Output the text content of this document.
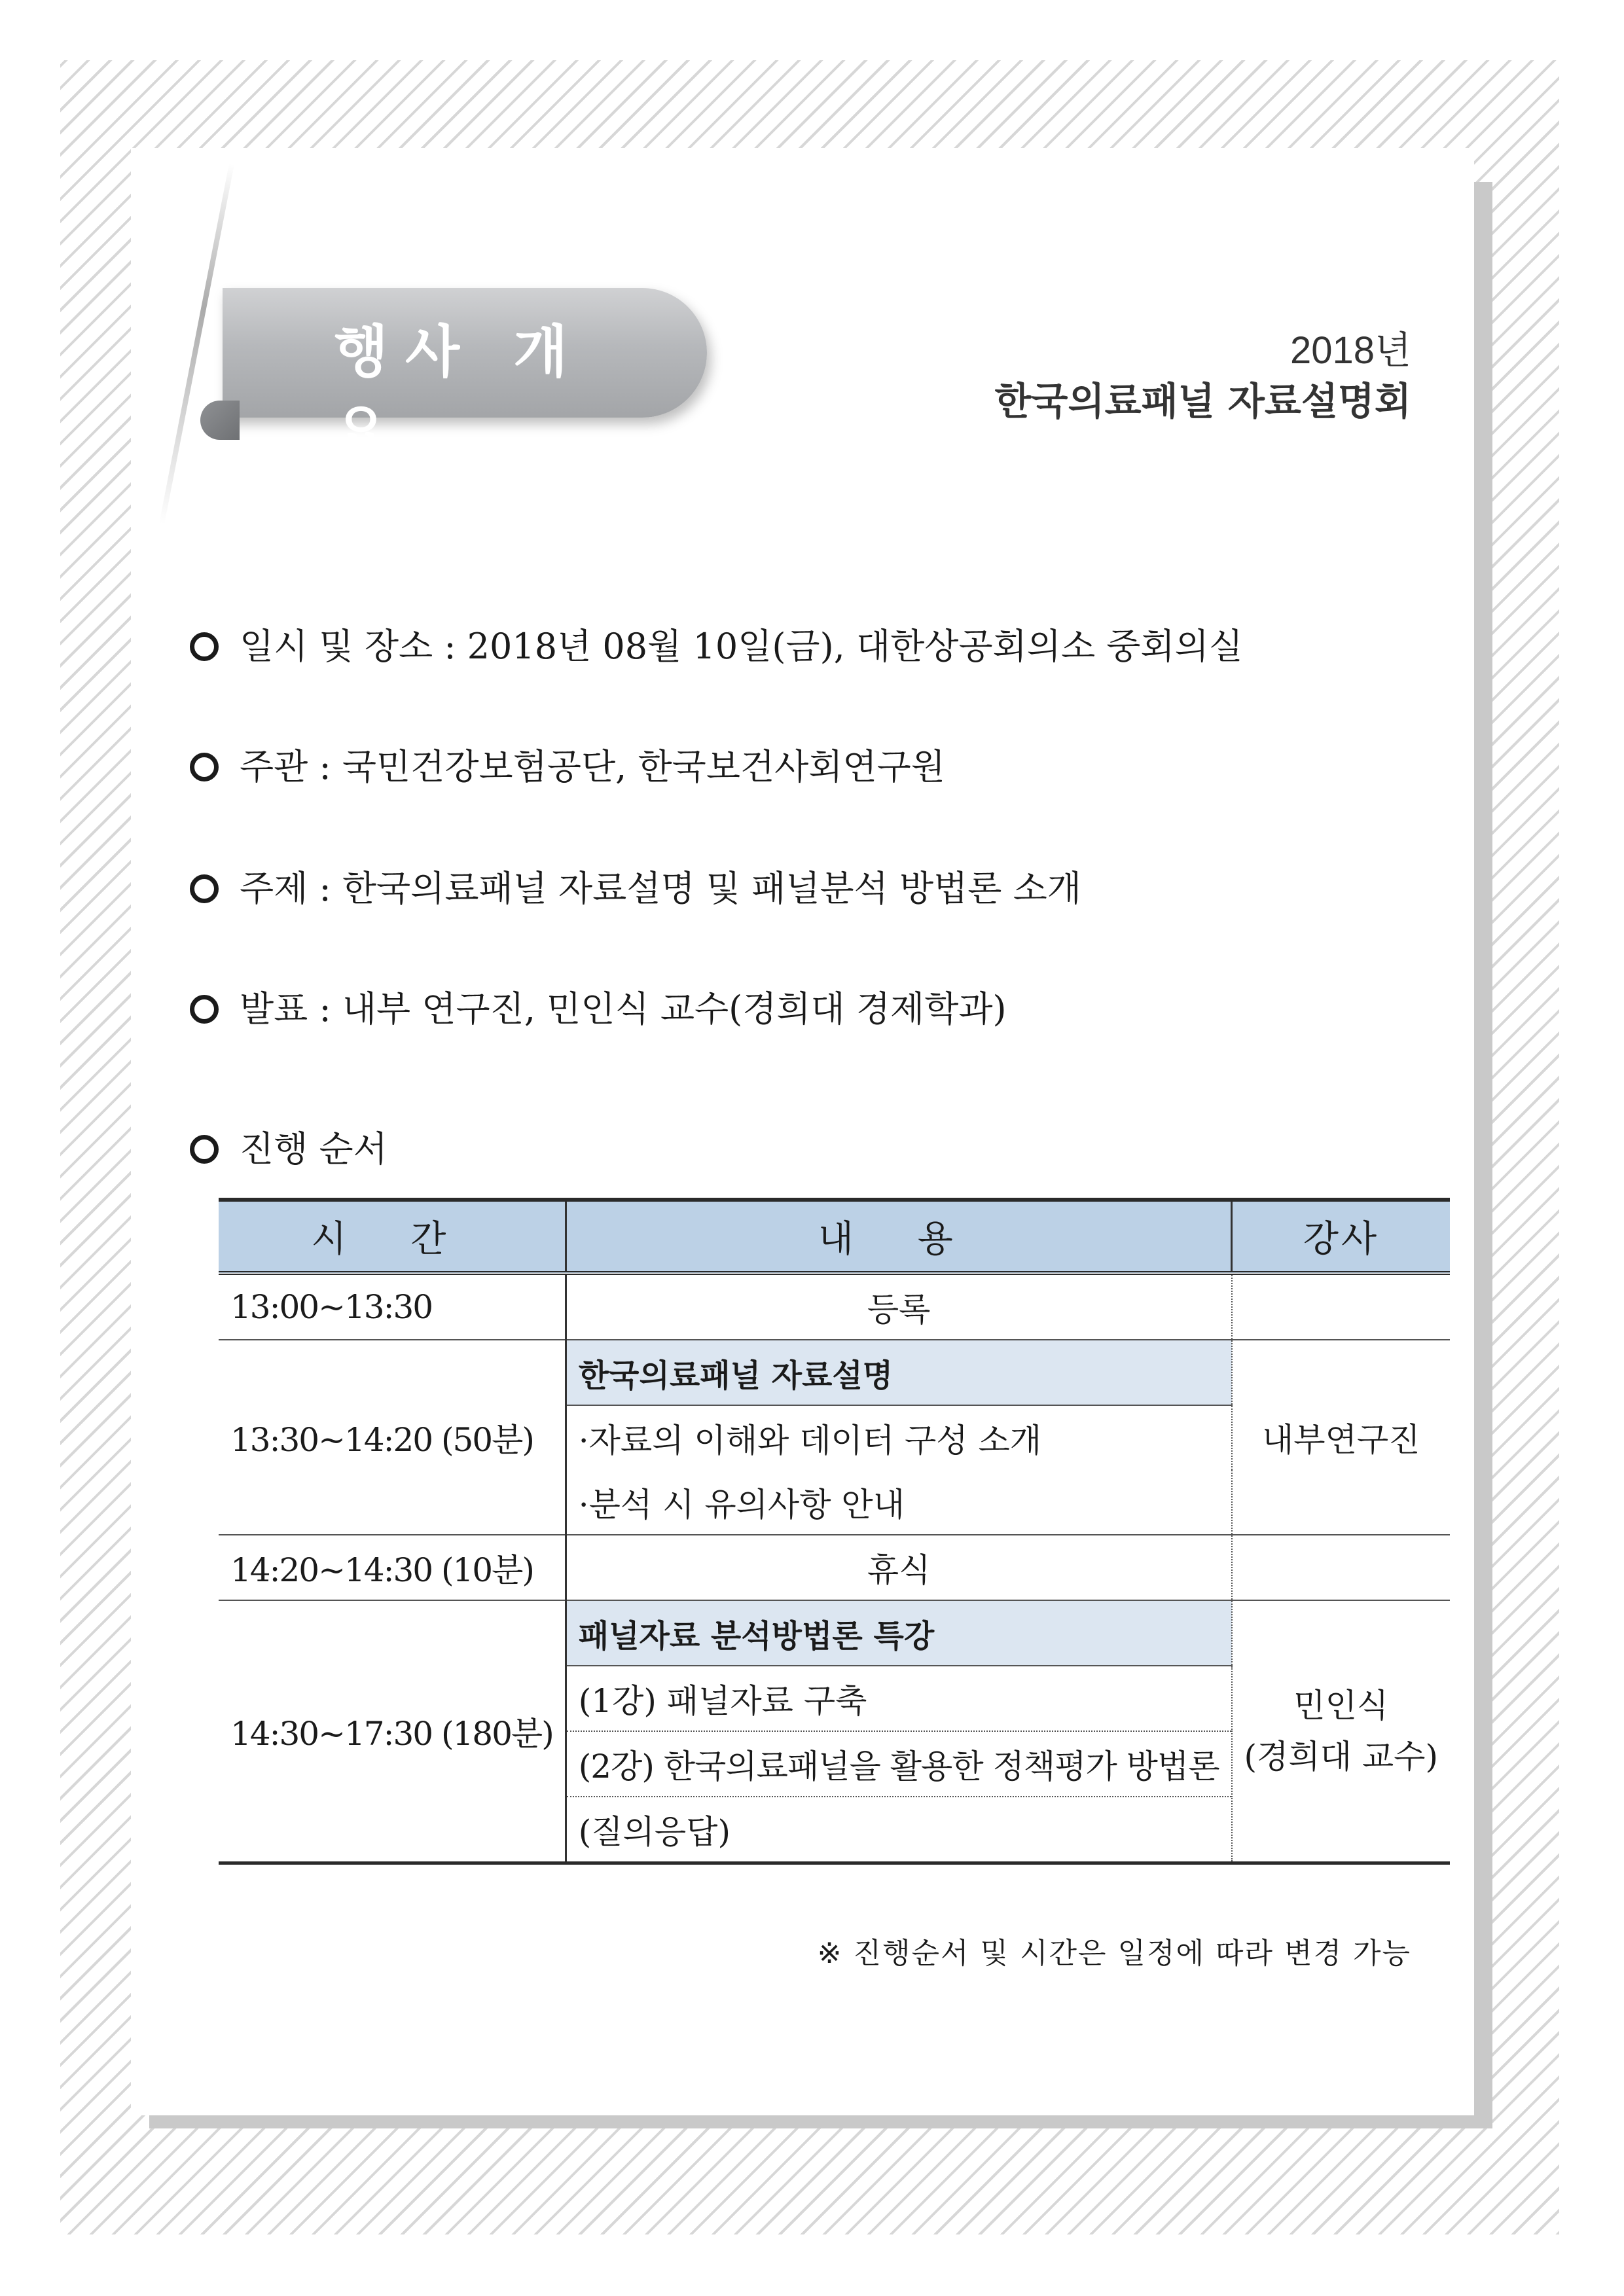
행사 개요
2018년
한국의료패널 자료설명회
일시 및 장소 : 2018년 08월 10일(금), 대한상공회의소 중회의실
주관 : 국민건강보험공단, 한국보건사회연구원
주제 : 한국의료패널 자료설명 및 패널분석 방법론 소개
발표 : 내부 연구진, 민인식 교수(경희대 경제학과)
진행 순서
시 간	내 용	강사
13:00~13:30	등록	
13:30~14:20 (50분)	한국의료패널 자료설명	내부연구진
	·자료의 이해와 데이터 구성 소개	
	·분석 시 유의사항 안내	
14:20~14:30 (10분)	휴식	
14:30~17:30 (180분)	패널자료 분석방법론 특강	민인식
(경희대 교수)

	(1강) 패널자료 구축	
	(2강) 한국의료패널을 활용한 정책평가 방법론	
	(질의응답)	
※ 진행순서 및 시간은 일정에 따라 변경 가능
